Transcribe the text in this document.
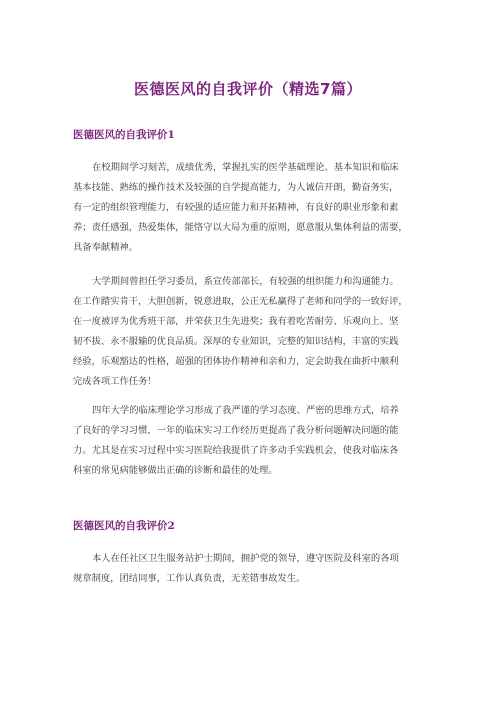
医德医风的自我评价（精选7篇）
医德医风的自我评价1
在校期间学习刻苦，成绩优秀，掌握扎实的医学基础理论、基本知识和临床
基本技能、熟练的操作技术及较强的自学提高能力，为人诚信开朗，勤奋务实，
有一定的组织管理能力，有较强的适应能力和开拓精神，有良好的职业形象和素
养；责任感强，热爱集体，能恪守以大局为重的原则，愿意服从集体利益的需要，
具备奉献精神。
大学期间曾担任学习委员，系宣传部部长，有较强的组织能力和沟通能力。
在工作踏实肯干，大胆创新，锐意进取，公正无私赢得了老师和同学的一致好评，
在一度被评为优秀班干部，并荣获卫生先进奖；我有着吃苦耐劳、乐观向上、坚
韧不拔、永不服输的优良品质。深厚的专业知识，完整的知识结构，丰富的实践
经验，乐观豁达的性格，超强的团体协作精神和亲和力，定会助我在曲折中顺利
完成各项工作任务！
四年大学的临床理论学习形成了我严谨的学习态度、严密的思维方式，培养
了良好的学习习惯，一年的临床实习工作经历更提高了我分析问题解决问题的能
力。尤其是在实习过程中实习医院给我提供了许多动手实践机会，使我对临床各
科室的常见病能够做出正确的诊断和最佳的处理。
医德医风的自我评价2
本人在任社区卫生服务站护士期间，拥护党的领导，遵守医院及科室的各项
规章制度，团结同事，工作认真负责，无差错事故发生。
